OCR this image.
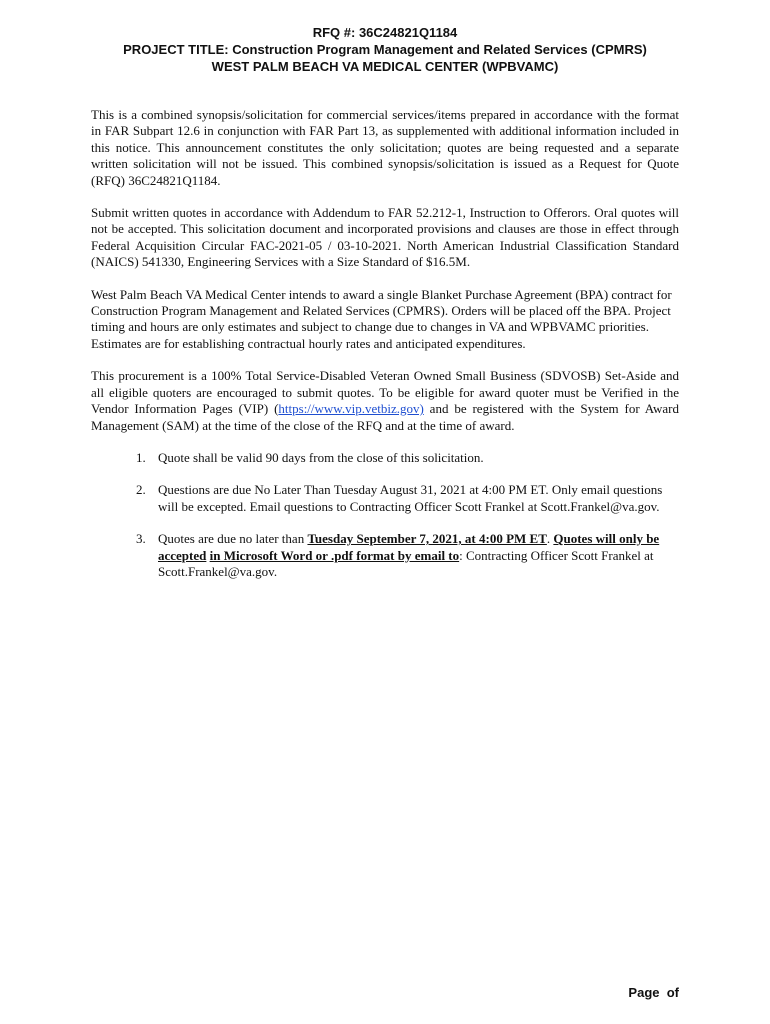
RFQ #: 36C24821Q1184
PROJECT TITLE: Construction Program Management and Related Services (CPMRS)
WEST PALM BEACH VA MEDICAL CENTER (WPBVAMC)

This is a combined synopsis/solicitation for commercial services/items prepared in accordance with the format in FAR Subpart 12.6 in conjunction with FAR Part 13, as supplemented with additional information included in this notice. This announcement constitutes the only solicitation; quotes are being requested and a separate written solicitation will not be issued. This combined synopsis/solicitation is issued as a Request for Quote (RFQ) 36C24821Q1184.

Submit written quotes in accordance with Addendum to FAR 52.212-1, Instruction to Offerors. Oral quotes will not be accepted. This solicitation document and incorporated provisions and clauses are those in effect through Federal Acquisition Circular FAC-2021-05 / 03-10-2021. North American Industrial Classification Standard (NAICS) 541330, Engineering Services with a Size Standard of $16.5M.

West Palm Beach VA Medical Center intends to award a single Blanket Purchase Agreement (BPA) contract for Construction Program Management and Related Services (CPMRS). Orders will be placed off the BPA. Project timing and hours are only estimates and subject to change due to changes in VA and WPBVAMC priorities. Estimates are for establishing contractual hourly rates and anticipated expenditures.

This procurement is a 100% Total Service-Disabled Veteran Owned Small Business (SDVOSB) Set-Aside and all eligible quoters are encouraged to submit quotes. To be eligible for award quoter must be Verified in the Vendor Information Pages (VIP) (https://www.vip.vetbiz.gov) and be registered with the System for Award Management (SAM) at the time of the close of the RFQ and at the time of award.

1. Quote shall be valid 90 days from the close of this solicitation.
2. Questions are due No Later Than Tuesday August 31, 2021 at 4:00 PM ET. Only email questions will be excepted. Email questions to Contracting Officer Scott Frankel at Scott.Frankel@va.gov.
3. Quotes are due no later than Tuesday September 7, 2021, at 4:00 PM ET. Quotes will only be accepted in Microsoft Word or .pdf format by email to: Contracting Officer Scott Frankel at Scott.Frankel@va.gov.
Page  of
